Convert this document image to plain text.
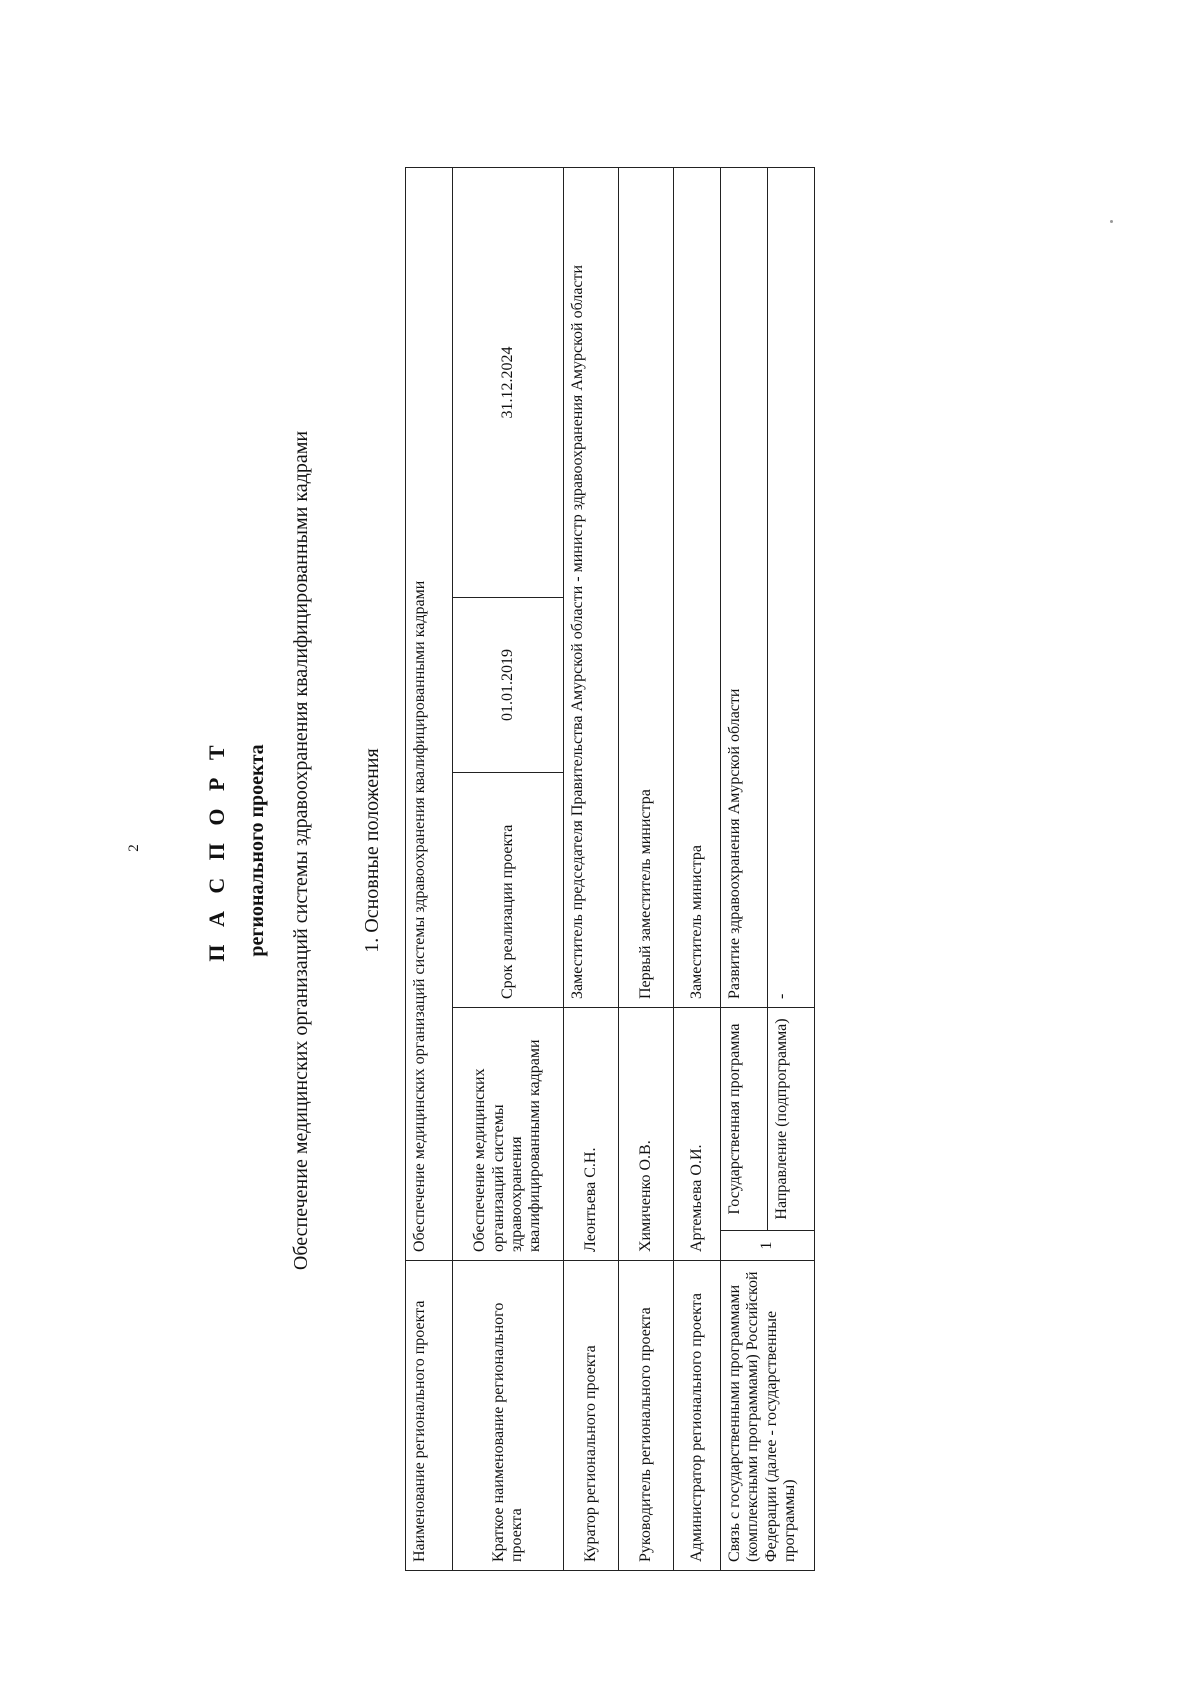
2	П А С П О Р Т регионального проекта Обеспечение медицинских организаций системы здравоохранения квалифицированными кадрами 1. Основные положения
Наименование регионального проекта	Обеспечение медицинских организаций системы здравоохранения квалифицированными кадрами				
Краткое наименование регионального проекта	Обеспечение медицинских организаций системы здравоохранения квалифицированными кадрами		Срок реализации проекта	01.01.2019	31.12.2024
Куратор регионального проекта	Леонтьева С.Н.		Заместитель председателя Правительства Амурской области - министр здравоохранения Амурской области		
Руководитель регионального проекта	Химиченко О.В.		Первый заместитель министра		
Администратор регионального проекта	Артемьева О.И.		Заместитель министра		
Связь с государственными программами (комплексными программами) Российской Федерации (далее - государственные программы)	1	Государственная программа	Развитие здравоохранения Амурской области		
		Направление (подпрограмма)	-		
